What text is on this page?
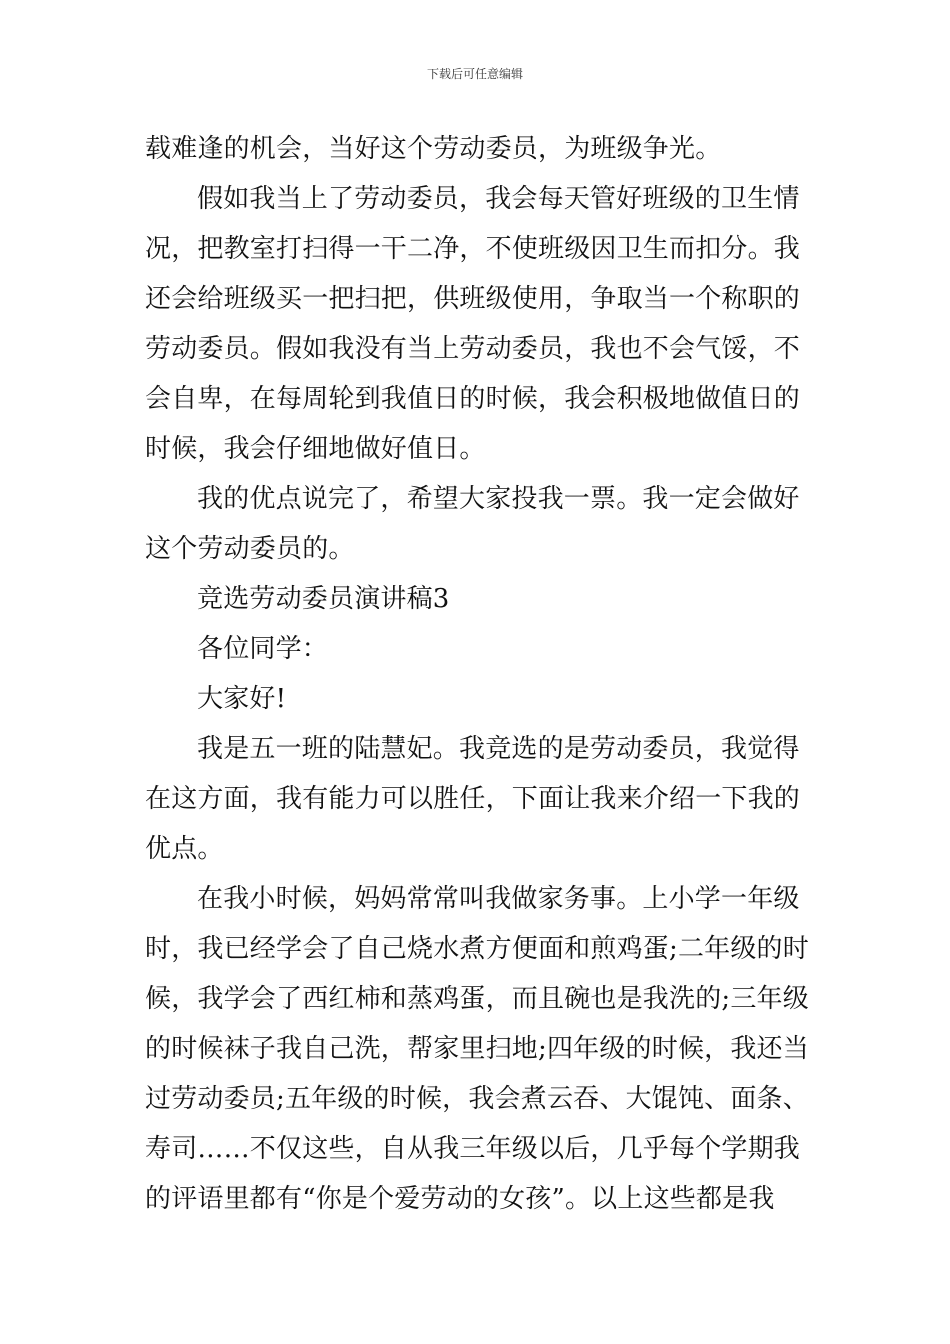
下载后可任意编辑
载难逢的机会，当好这个劳动委员，为班级争光。
假如我当上了劳动委员，我会每天管好班级的卫生情
况，把教室打扫得一干二净，不使班级因卫生而扣分。我
还会给班级买一把扫把，供班级使用，争取当一个称职的
劳动委员。假如我没有当上劳动委员，我也不会气馁，不
会自卑，在每周轮到我值日的时候，我会积极地做值日的
时候，我会仔细地做好值日。
我的优点说完了，希望大家投我一票。我一定会做好
这个劳动委员的。
竞选劳动委员演讲稿3
各位同学：
大家好!
我是五一班的陆慧妃。我竞选的是劳动委员，我觉得
在这方面，我有能力可以胜任，下面让我来介绍一下我的
优点。
在我小时候，妈妈常常叫我做家务事。上小学一年级
时，我已经学会了自己烧水煮方便面和煎鸡蛋;二年级的时
候，我学会了西红柿和蒸鸡蛋，而且碗也是我洗的;三年级
的时候袜子我自己洗，帮家里扫地;四年级的时候，我还当
过劳动委员;五年级的时候，我会煮云吞、大馄饨、面条、
寿司……不仅这些，自从我三年级以后，几乎每个学期我
的评语里都有“你是个爱劳动的女孩”。以上这些都是我
